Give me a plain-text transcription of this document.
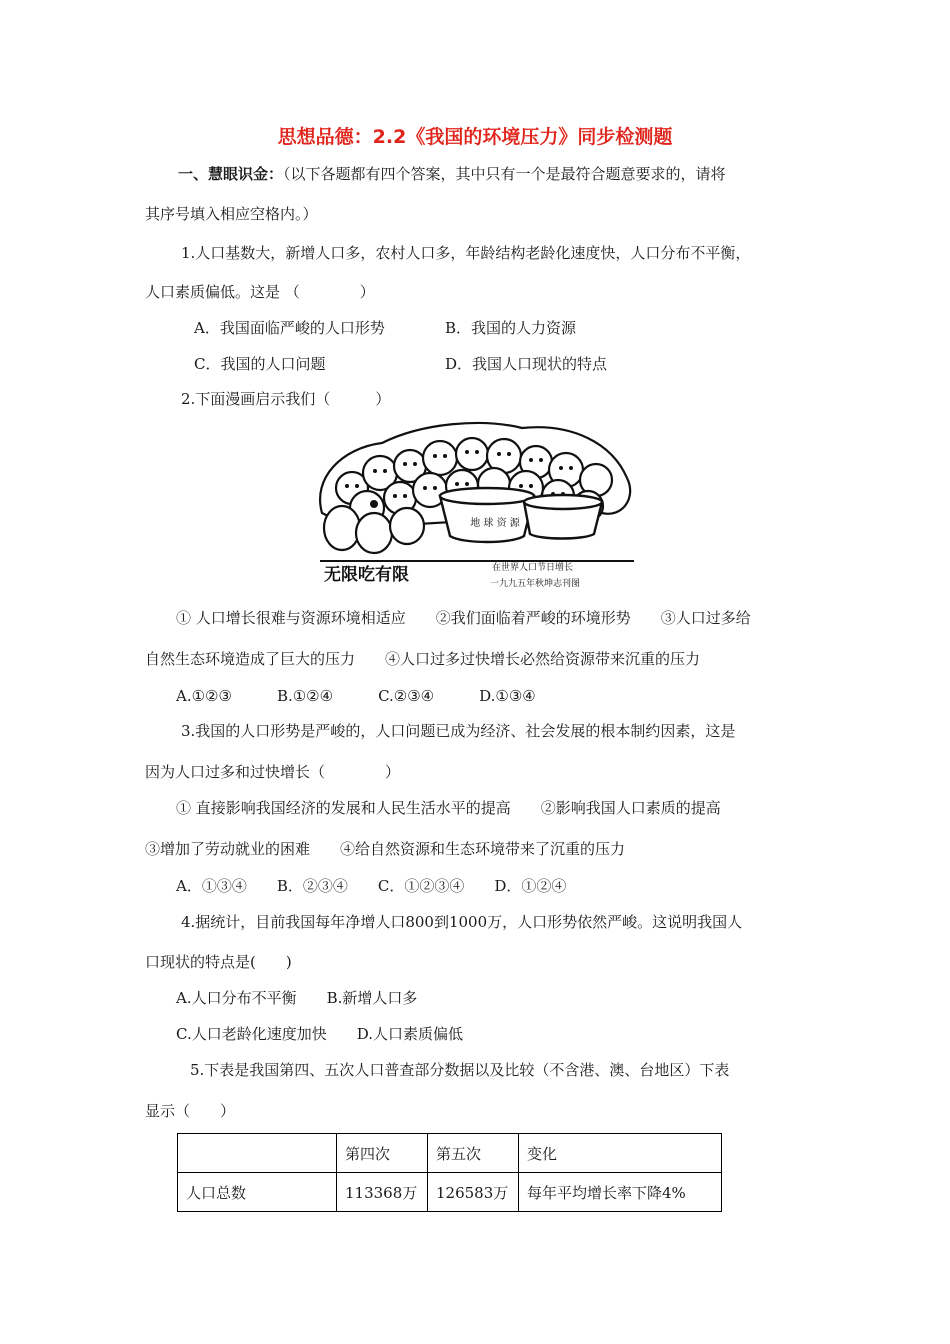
思想品德：2.2《我国的环境压力》同步检测题
一、慧眼识金：（以下各题都有四个答案，其中只有一个是最符合题意要求的，请将
其序号填入相应空格内。）
1.人口基数大，新增人口多，农村人口多，年龄结构老龄化速度快，人口分布不平衡，
人口素质偏低。这是 （　　　　）
A．我国面临严峻的人口形势	B．我国的人力资源
C．我国的人口问题	D．我国人口现状的特点
2.下面漫画启示我们（　　　）
地 球 资 源
无限吃有限	在世界人口节日增长
一九九五年秋坤志刊图
① 人口增长很难与资源环境相适应　　②我们面临着严峻的环境形势　　③人口过多给
自然生态环境造成了巨大的压力　　④人口过多过快增长必然给资源带来沉重的压力
A.①②③　　　B.①②④　　　C.②③④　　　D.①③④
3.我国的人口形势是严峻的，人口问题已成为经济、社会发展的根本制约因素，这是
因为人口过多和过快增长（　　　　）
① 直接影响我国经济的发展和人民生活水平的提高　　②影响我国人口素质的提高
③增加了劳动就业的困难　　④给自然资源和生态环境带来了沉重的压力
A．①③④　　B．②③④　　C．①②③④　　D．①②④
4.据统计，目前我国每年净增人口800到1000万，人口形势依然严峻。这说明我国人
口现状的特点是(　　)
A.人口分布不平衡　　B.新增人口多
C.人口老龄化速度加快　　D.人口素质偏低
5.下表是我国第四、五次人口普查部分数据以及比较（不含港、澳、台地区）下表
显示（　　）
	第四次	第五次	变化
人口总数	113368万	126583万	每年平均增长率下降4%
